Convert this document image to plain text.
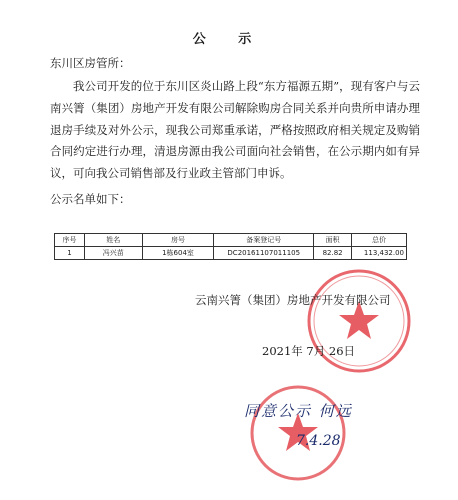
公 示
东川区房管所：
我公司开发的位于东川区炎山路上段“东方福源五期”，现有客户与云南兴箐（集团）房地产开发有限公司解除购房合同关系并向贵所申请办理退房手续及对外公示，现我公司郑重承诺，严格按照政府相关规定及购销合同约定进行办理，清退房源由我公司面向社会销售，在公示期内如有异议，可向我公司销售部及行业政主管部门申诉。
公示名单如下：
序号	姓名	房号	备案登记号	面积	总价
1	冯兴苗	1栋604室	DC20161107011105	82.82	113,432.00
云南兴箐（集团）房地产开发有限公司
2021年 7月 26日
同意公示 何远
7.4.28
